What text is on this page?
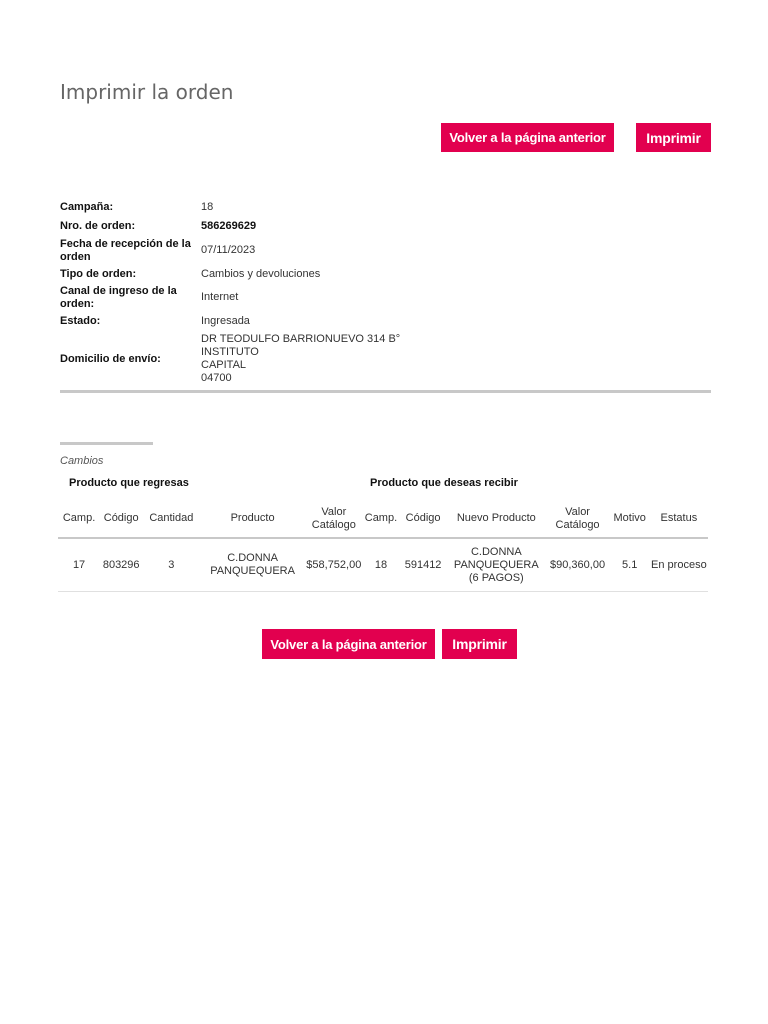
Imprimir la orden
Volver a la página anterior	Imprimir
Campaña:	18
Nro. de orden:	586269629
Fecha de recepción de la orden
07/11/2023
Tipo de orden:	Cambios y devoluciones
Canal de ingreso de la orden:
Internet
Estado:	Ingresada
Domicilio de envío:
DR TEODULFO BARRIONUEVO 314 B°
INSTITUTO
CAPITAL
04700
Cambios
Producto que regresas	Producto que deseas recibir
Camp.	Código	Cantidad	Producto	Valor Catálogo	Camp.	Código	Nuevo Producto	Valor Catálogo	Motivo	Estatus
17	803296	3	C.DONNA PANQUEQUERA	$58,752,00	18	591412	C.DONNA PANQUEQUERA (6 PAGOS)	$90,360,00	5.1	En proceso
Volver a la página anterior	Imprimir
